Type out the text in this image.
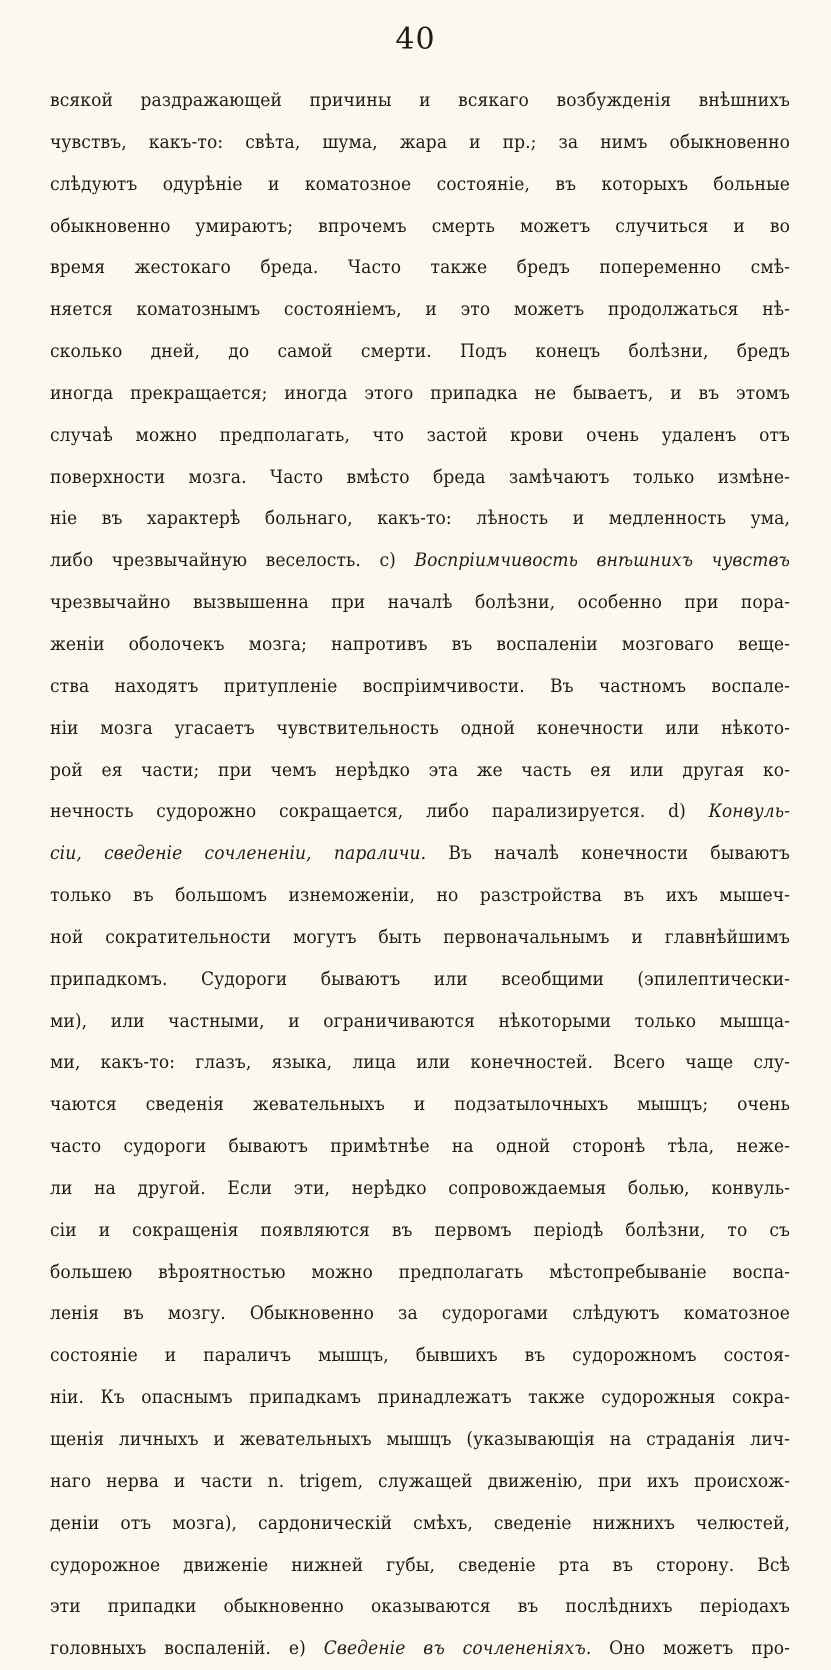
40
всякой раздражающей причины и всякаго возбужденія внѣшнихъ
чувствъ, какъ-то: свѣта, шума, жара и пр.; за нимъ обыкновенно
слѣдуютъ одурѣніе и коматозное состояніе, въ которыхъ больные
обыкновенно умираютъ; впрочемъ смерть можетъ случиться и во
время жестокаго бреда. Часто также бредъ попеременно смѣ-
няется коматознымъ состояніемъ, и это можетъ продолжаться нѣ-
сколько дней, до самой смерти. Подъ конецъ болѣзни, бредъ
иногда прекращается; иногда этого припадка не бываетъ, и въ этомъ
случаѣ можно предполагать, что застой крови очень удаленъ отъ
поверхности мозга. Часто вмѣсто бреда замѣчаютъ только измѣне-
ніе въ характерѣ больнаго, какъ-то: лѣность и медленность ума,
либо чрезвычайную веселость. с) Воспріимчивость внѣшнихъ чувствъ
чрезвычайно вызвышенна при началѣ болѣзни, особенно при пора-
женіи оболочекъ мозга; напротивъ въ воспаленіи мозговаго веще-
ства находятъ притупленіе воспріимчивости. Въ частномъ воспале-
ніи мозга угасаетъ чувствительность одной конечности или нѣкото-
рой ея части; при чемъ нерѣдко эта же часть ея или другая ко-
нечность судорожно сокращается, либо парализируется. d) Конвуль-
сіи, сведеніе сочлененіи, параличи. Въ началѣ конечности бываютъ
только въ большомъ изнеможеніи, но разстройства въ ихъ мышеч-
ной сократительности могутъ быть первоначальнымъ и главнѣйшимъ
припадкомъ. Судороги бываютъ или всеобщими (эпилептически-
ми), или частными, и ограничиваются нѣкоторыми только мышца-
ми, какъ-то: глазъ, языка, лица или конечностей. Всего чаще слу-
чаются сведенія жевательныхъ и подзатылочныхъ мышцъ; очень
часто судороги бываютъ примѣтнѣе на одной сторонѣ тѣла, неже-
ли на другой. Если эти, нерѣдко сопровождаемыя болью, конвуль-
сіи и сокращенія появляются въ первомъ періодѣ болѣзни, то съ
большею вѣроятностью можно предполагать мѣстопребываніе воспа-
ленія въ мозгу. Обыкновенно за судорогами слѣдуютъ коматозное
состояніе и параличъ мышцъ, бывшихъ въ судорожномъ состоя-
ніи. Къ опаснымъ припадкамъ принадлежатъ также судорожныя сокра-
щенія личныхъ и жевательныхъ мышцъ (указывающія на страданія лич-
наго нерва и части n. trigem, служащей движенію, при ихъ происхож-
деніи отъ мозга), сардоническій смѣхъ, сведеніе нижнихъ челюстей,
судорожное движеніе нижней губы, сведеніе рта въ сторону. Всѣ
эти припадки обыкновенно оказываются въ послѣднихъ періодахъ
головныхъ воспаленій. е) Сведеніе въ сочлененіяхъ. Оно можетъ про-
